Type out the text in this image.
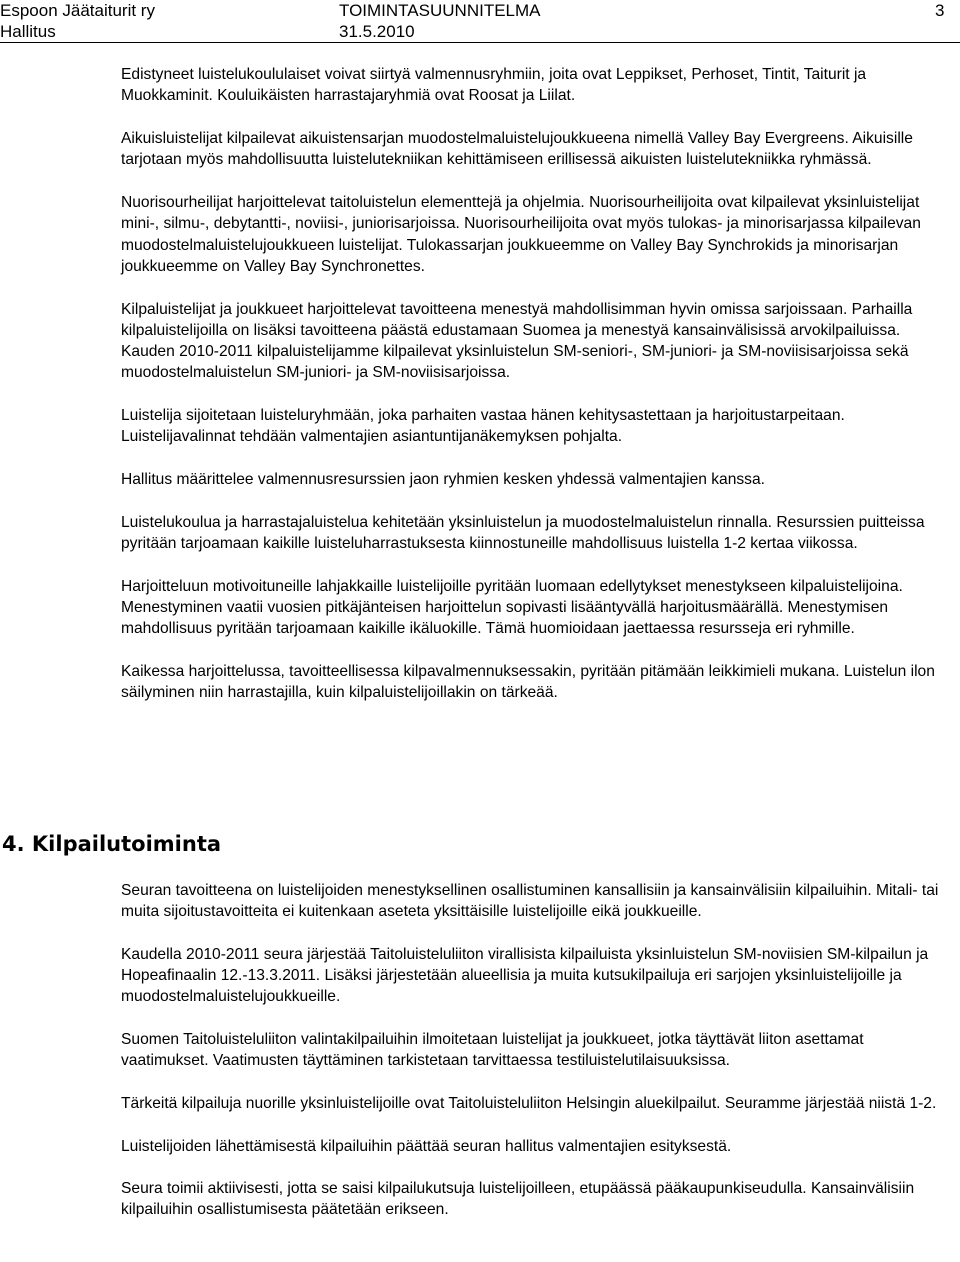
Espoon Jäätaiturit ry	TOIMINTASUUNNITELMA	3
Hallitus	31.5.2010

Edistyneet luistelukoululaiset voivat siirtyä valmennusryhmiin, joita ovat Leppikset, Perhoset, Tintit, Taiturit ja Muokkaminit. Kouluikäisten harrastajaryhmiä ovat Roosat ja Liilat.

Aikuisluistelijat kilpailevat aikuistensarjan muodostelmaluistelujoukkueena nimellä Valley Bay Evergreens. Aikuisille tarjotaan myös mahdollisuutta luistelutekniikan kehittämiseen erillisessä aikuisten luistelutekniikka ryhmässä.

Nuorisourheilijat harjoittelevat taitoluistelun elementtejä ja ohjelmia. Nuorisourheilijoita ovat kilpailevat yksinluistelijat mini-, silmu-, debytantti-, noviisi-, juniorisarjoissa. Nuorisourheilijoita ovat myös tulokas- ja minorisarjassa kilpailevan muodostelmaluistelujoukkueen luistelijat. Tulokassarjan joukkueemme on Valley Bay Synchrokids ja minorisarjan joukkueemme on Valley Bay Synchronettes.

Kilpaluistelijat ja joukkueet harjoittelevat tavoitteena menestyä mahdollisimman hyvin omissa sarjoissaan. Parhailla kilpaluistelijoilla on lisäksi tavoitteena päästä edustamaan Suomea ja menestyä kansainvälisissä arvokilpailuissa. Kauden 2010-2011 kilpaluistelijamme kilpailevat yksinluistelun SM-seniori-, SM-juniori- ja SM-noviisisarjoissa sekä muodostelmaluistelun SM-juniori- ja SM-noviisisarjoissa.

Luistelija sijoitetaan luisteluryhmään, joka parhaiten vastaa hänen kehitysastettaan ja harjoitustarpeitaan. Luistelijavalinnat tehdään valmentajien asiantuntijanäkemyksen pohjalta.

Hallitus määrittelee valmennusresurssien jaon ryhmien kesken yhdessä valmentajien kanssa.

Luistelukoulua ja harrastajaluistelua kehitetään yksinluistelun ja muodostelmaluistelun rinnalla. Resurssien puitteissa pyritään tarjoamaan kaikille luisteluharrastuksesta kiinnostuneille mahdollisuus luistella 1-2 kertaa viikossa.

Harjoitteluun motivoituneille lahjakkaille luistelijoille pyritään luomaan edellytykset menestykseen kilpaluistelijoina. Menestyminen vaatii vuosien pitkäjänteisen harjoittelun sopivasti lisääntyvällä harjoitusmäärällä. Menestymisen mahdollisuus pyritään tarjoamaan kaikille ikäluokille. Tämä huomioidaan jaettaessa resursseja eri ryhmille.

Kaikessa harjoittelussa, tavoitteellisessa kilpavalmennuksessakin, pyritään pitämään leikkimieli mukana. Luistelun ilon säilyminen niin harrastajilla, kuin kilpaluistelijoillakin on tärkeää.

4. Kilpailutoiminta

Seuran tavoitteena on luistelijoiden menestyksellinen osallistuminen kansallisiin ja kansainvälisiin kilpailuihin. Mitali- tai muita sijoitustavoitteita ei kuitenkaan aseteta yksittäisille luistelijoille eikä joukkueille.

Kaudella 2010-2011 seura järjestää Taitoluisteluliiton virallisista kilpailuista yksinluistelun SM-noviisien SM-kilpailun ja Hopeafinaalin 12.-13.3.2011. Lisäksi järjestetään alueellisia ja muita kutsukilpailuja eri sarjojen yksinluistelijoille ja muodostelmaluistelujoukkueille.

Suomen Taitoluisteluliiton valintakilpailuihin ilmoitetaan luistelijat ja joukkueet, jotka täyttävät liiton asettamat vaatimukset. Vaatimusten täyttäminen tarkistetaan tarvittaessa testiluistelutilaisuuksissa.

Tärkeitä kilpailuja nuorille yksinluistelijoille ovat Taitoluisteluliiton Helsingin aluekilpailut. Seuramme järjestää niistä 1-2.

Luistelijoiden lähettämisestä kilpailuihin päättää seuran hallitus valmentajien esityksestä.

Seura toimii aktiivisesti, jotta se saisi kilpailukutsuja luistelijoilleen, etupäässä pääkaupunkiseudulla. Kansainvälisiin kilpailuihin osallistumisesta päätetään erikseen.
